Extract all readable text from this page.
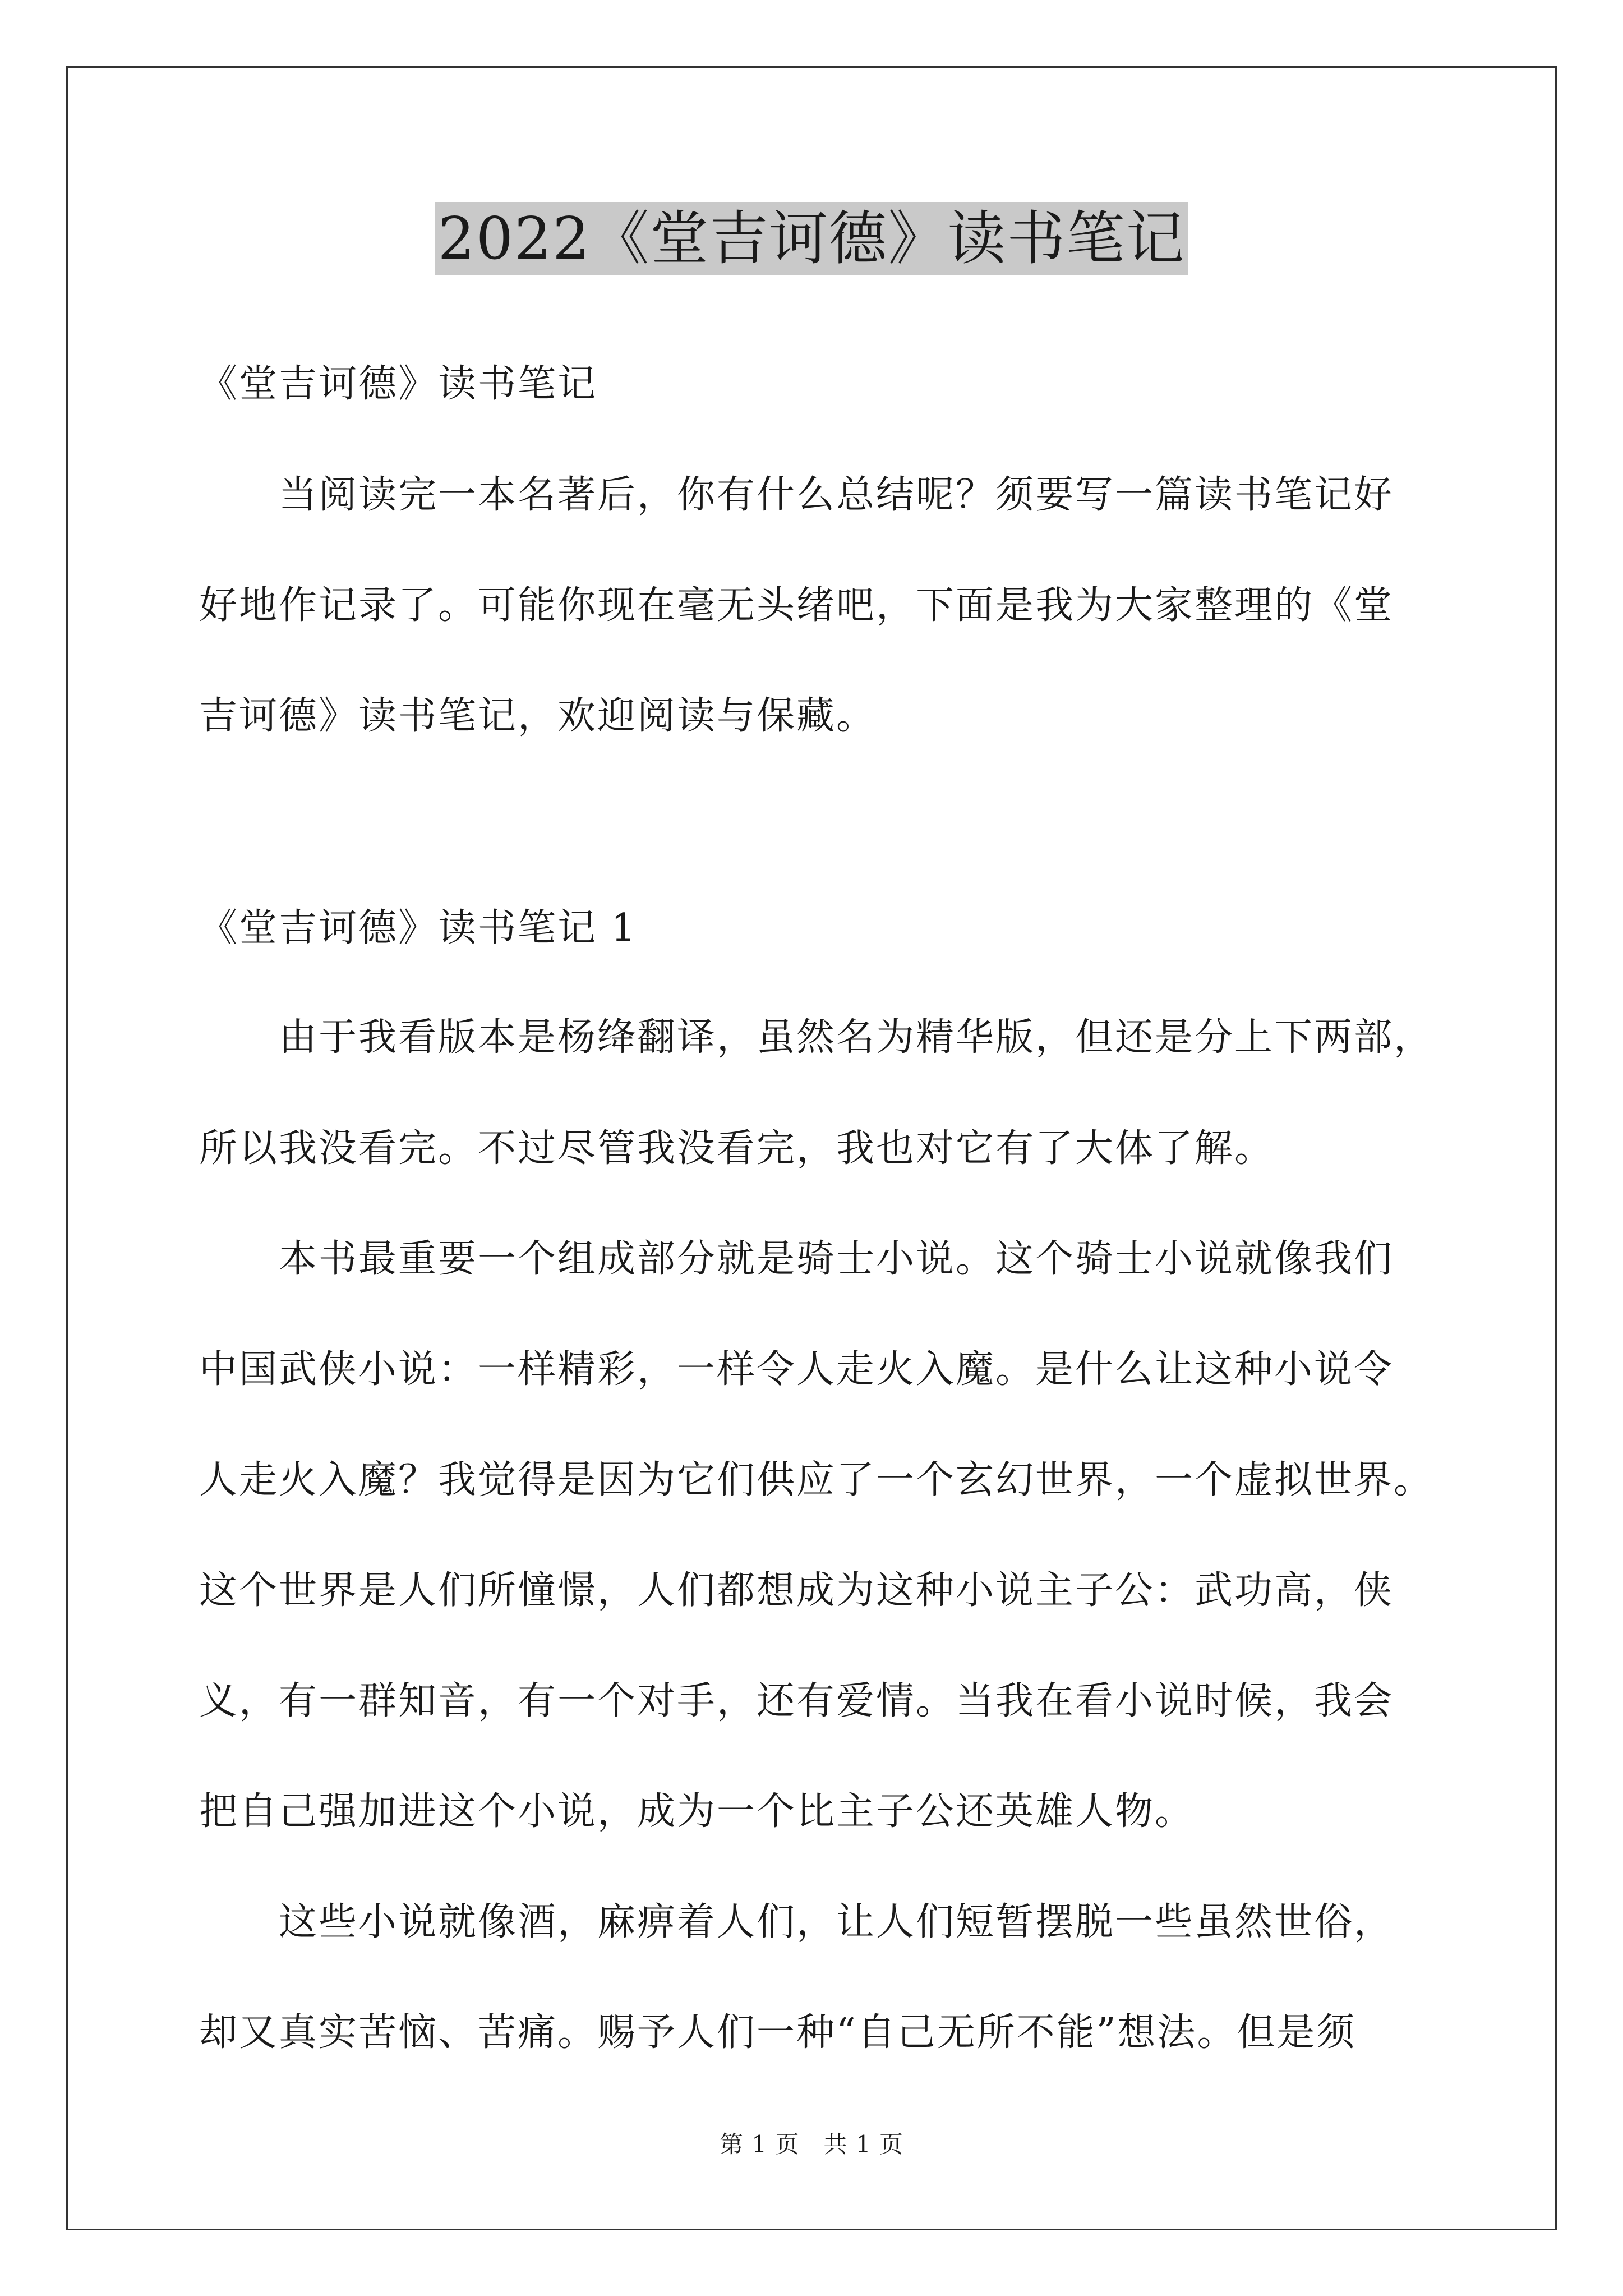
2022《堂吉诃德》读书笔记
《堂吉诃德》读书笔记
　　当阅读完一本名著后，你有什么总结呢？须要写一篇读书笔记好
好地作记录了。可能你现在毫无头绪吧，下面是我为大家整理的《堂
吉诃德》读书笔记，欢迎阅读与保藏。
《堂吉诃德》读书笔记 1
　　由于我看版本是杨绛翻译，虽然名为精华版，但还是分上下两部，
所以我没看完。不过尽管我没看完，我也对它有了大体了解。
　　本书最重要一个组成部分就是骑士小说。这个骑士小说就像我们
中国武侠小说：一样精彩，一样令人走火入魔。是什么让这种小说令
人走火入魔？我觉得是因为它们供应了一个玄幻世界，一个虚拟世界。
这个世界是人们所憧憬，人们都想成为这种小说主子公：武功高，侠
义，有一群知音，有一个对手，还有爱情。当我在看小说时候，我会
把自己强加进这个小说，成为一个比主子公还英雄人物。
　　这些小说就像酒，麻痹着人们，让人们短暂摆脱一些虽然世俗，
却又真实苦恼、苦痛。赐予人们一种“自己无所不能”想法。但是须
第 1 页　共 1 页
